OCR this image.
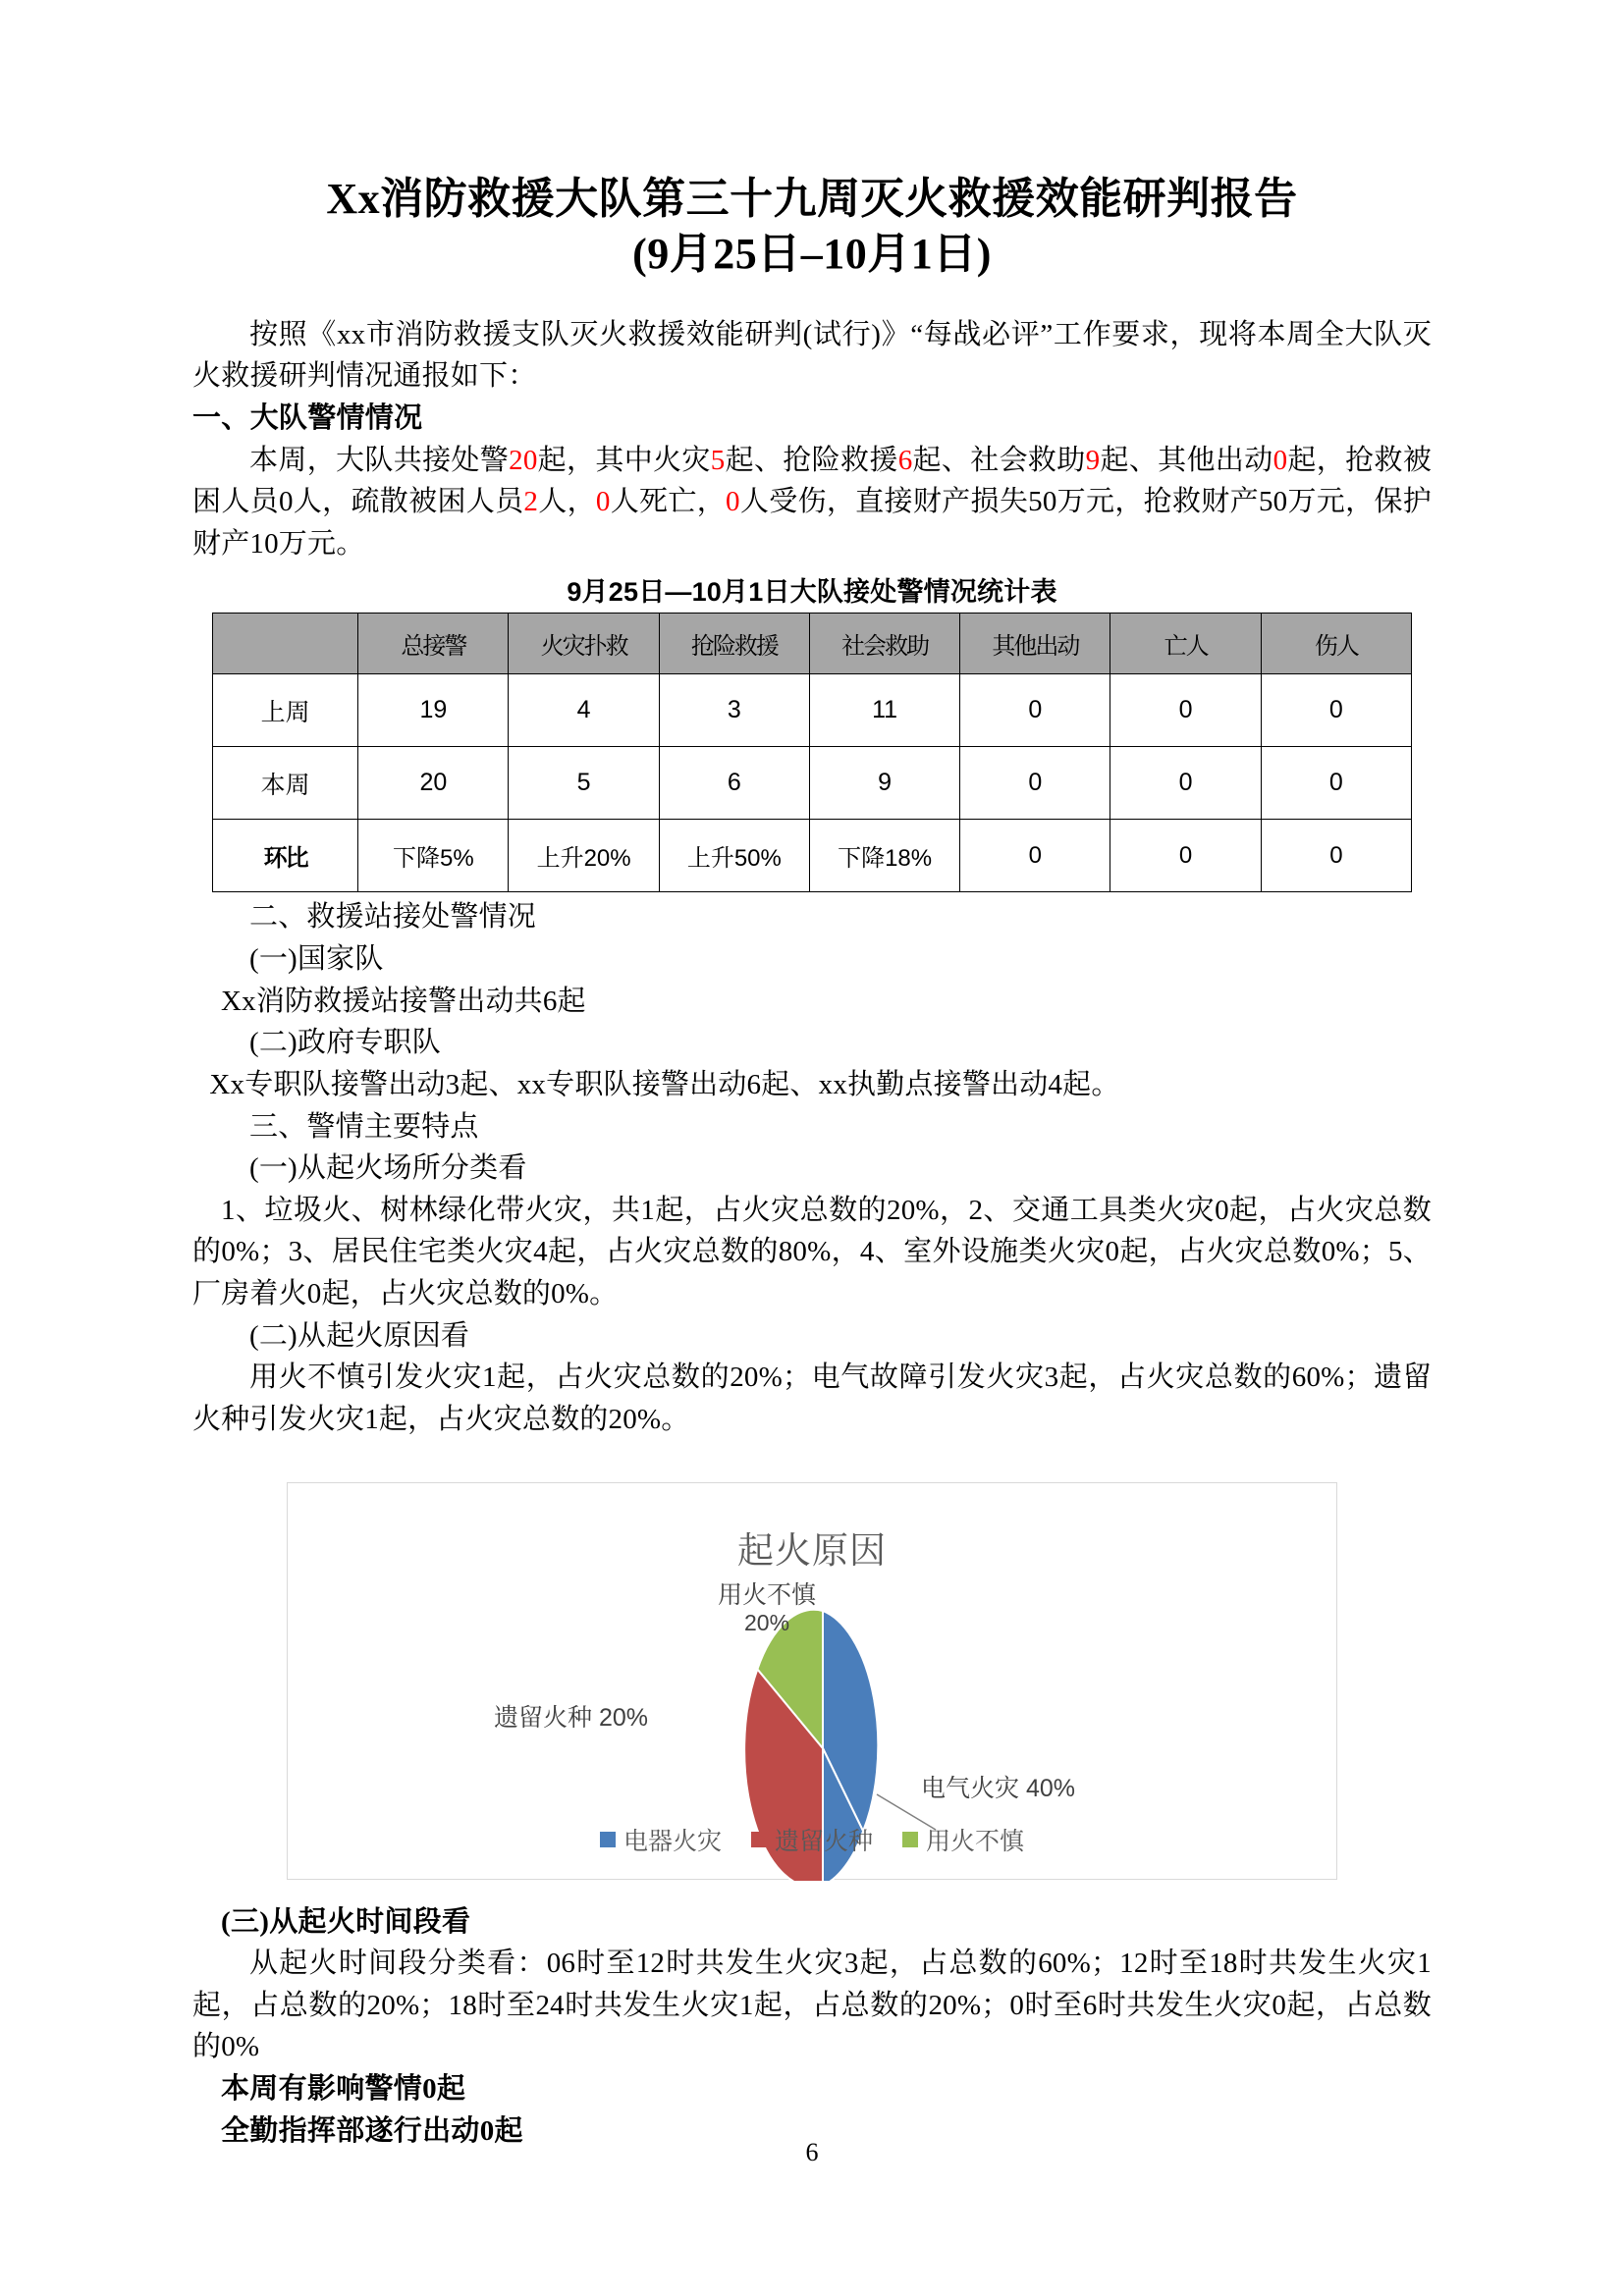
Xx消防救援大队第三十九周灭火救援效能研判报告
(9月25日–10月1日)

按照《xx市消防救援支队灭火救援效能研判(试行)》“每战必评”工作要求，现将本周全大队灭火救援研判情况通报如下：

一、大队警情情况

本周，大队共接处警20起，其中火灾5起、抢险救援6起、社会救助9起、其他出动0起，抢救被困人员0人，疏散被困人员2人，0人死亡，0人受伤，直接财产损失50万元，抢救财产50万元，保护财产10万元。

9月25日—10月1日大队接处警情况统计表
	总接警	火灾扑救	抢险救援	社会救助	其他出动	亡人	伤人
上周	19	4	3	11	0	0	0
本周	20	5	6	9	0	0	0
环比	下降5%	上升20%	上升50%	下降18%	0	0	0

二、救援站接处警情况

(一)国家队

Xx消防救援站接警出动共6起

(二)政府专职队

Xx专职队接警出动3起、xx专职队接警出动6起、xx执勤点接警出动4起。

三、警情主要特点

(一)从起火场所分类看

1、垃圾火、树林绿化带火灾，共1起，占火灾总数的20%，2、交通工具类火灾0起，占火灾总数的0%；3、居民住宅类火灾4起，占火灾总数的80%，4、室外设施类火灾0起，占火灾总数0%；5、厂房着火0起，占火灾总数的0%。

(二)从起火原因看

用火不慎引发火灾1起，占火灾总数的20%；电气故障引发火灾3起，占火灾总数的60%；遗留火种引发火灾1起，占火灾总数的20%。

起火原因
用火不慎
20%
遗留火种 20%
电气火灾 40%
电器火灾 遗留火种 用火不慎

(三)从起火时间段看

从起火时间段分类看：06时至12时共发生火灾3起，占总数的60%；12时至18时共发生火灾1起，占总数的20%；18时至24时共发生火灾1起，占总数的20%；0时至6时共发生火灾0起，占总数的0%

本周有影响警情0起

全勤指挥部遂行出动0起

6
